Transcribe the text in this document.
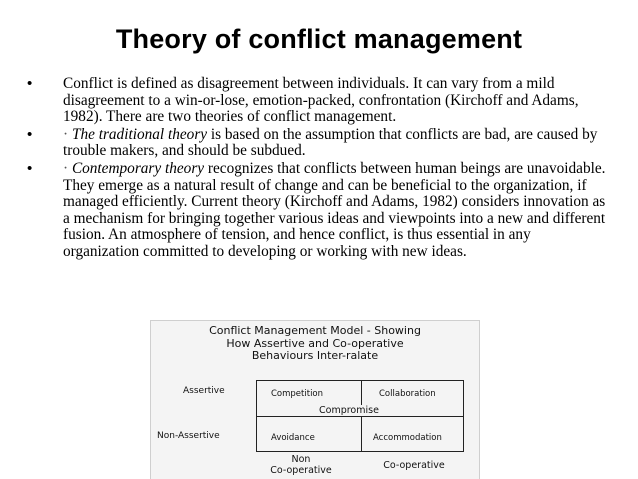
Theory of conflict management
• Conflict is defined as disagreement between individuals. It can vary from a mild disagreement to a win-or-lose, emotion-packed, confrontation (Kirchoff and Adams, 1982). There are two theories of conflict management.
• · The traditional theory is based on the assumption that conflicts are bad, are caused by trouble makers, and should be subdued.
• · Contemporary theory recognizes that conflicts between human beings are unavoidable. They emerge as a natural result of change and can be beneficial to the organization, if managed efficiently. Current theory (Kirchoff and Adams, 1982) considers innovation as a mechanism for bringing together various ideas and viewpoints into a new and different fusion. An atmosphere of tension, and hence conflict, is thus essential in any organization committed to developing or working with new ideas.
Conflict Management Model - Showing
How Assertive and Co-operative
Behaviours Inter-ralate
Assertive
Non-Assertive
Competition	Collaboration
Avoidance	Accommodation
Compromise
Non
Co-operative	Co-operative
